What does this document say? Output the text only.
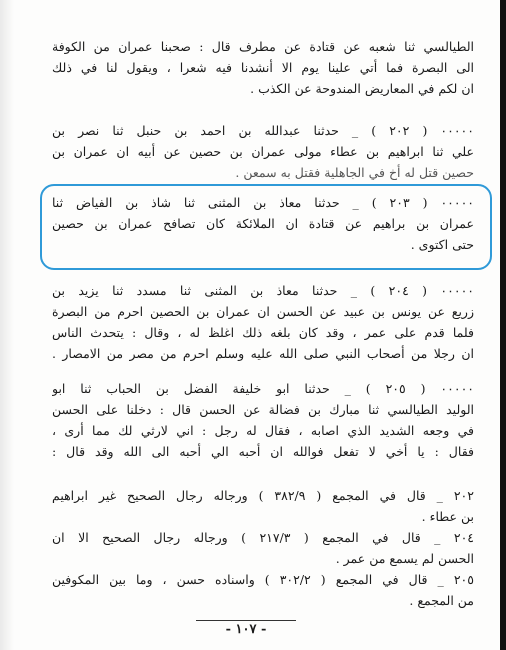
الطيالسي ثنا شعبه عن قتادة عن مطرف قال : صحبنا عمران من الكوفة
الى البصرة فما أتي علينا يوم الا أنشدنا فيه شعرا ، ويقول لنا في ذلك
ان لكم في المعاريض المندوحة عن الكذب .
٠٠٠٠٠ ( ٢٠٢ ) _ حدثنا عبدالله بن احمد بن حنبل ثنا نصر بن
علي ثنا ابراهيم بن عطاء مولى عمران بن حصين عن أبيه ان عمران بن
حصين قتل له أخ في الجاهلية فقتل به سمعن .
٠٠٠٠٠ ( ٢٠٣ ) _ حدثنا معاذ بن المثنى ثنا شاذ بن الفياض ثنا
عمران بن براهيم عن قتادة ان الملائكة كان تصافح عمران بن حصين
حتى اكتوى .
٠٠٠٠٠ ( ٢٠٤ ) _ حدثنا معاذ بن المثنى ثنا مسدد ثنا يزيد بن
زريع عن يونس بن عبيد عن الحسن ان عمران بن الحصين احرم من البصرة
فلما قدم على عمر ، وقد كان بلغه ذلك اغلظ له ، وقال : يتحدث الناس
ان رجلا من أصحاب النبي صلى الله عليه وسلم احرم من مصر من الامصار .
٠٠٠٠٠ ( ٢٠٥ ) _ حدثنا ابو خليفة الفضل بن الحباب ثنا ابو
الوليد الطيالسي ثنا مبارك بن فضالة عن الحسن قال : دخلنا على الحسن
في وجعه الشديد الذي اصابه ، فقال له رجل : اني لارثي لك مما أرى ،
فقال : يا أخي لا تفعل فوالله ان أحبه الي أحبه الى الله وقد قال :
٢٠٢ _ قال في المجمع ( ٣٨٢/٩ ) ورجاله رجال الصحيح غير ابراهيم
بن عطاء .
٢٠٤ _ قال في المجمع ( ٢١٧/٣ ) ورجاله رجال الصحيح الا ان
الحسن لم يسمع من عمر .
٢٠٥ _ قال في المجمع ( ٣٠٢/٢ ) واسناده حسن ، وما بين المكوفين
من المجمع .
- ١٠٧ -
